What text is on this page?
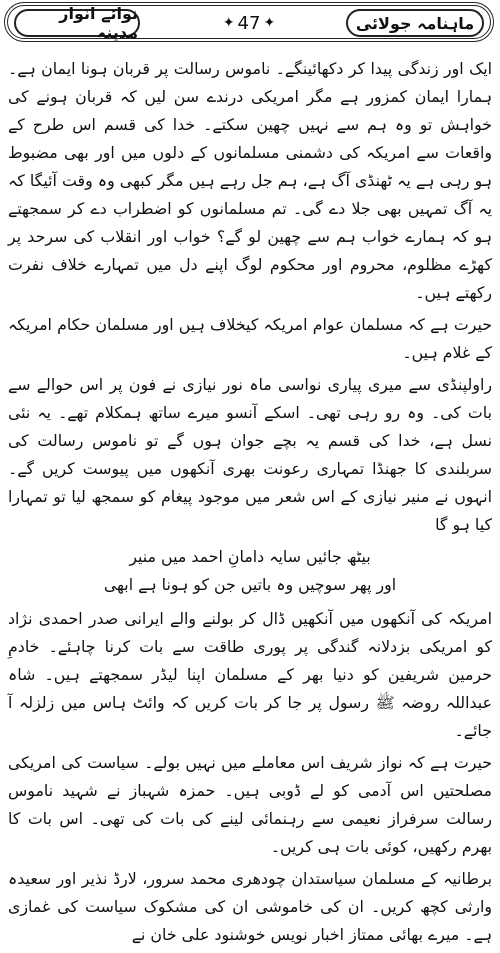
ماہنامہ جولائی
✦ 47 ✦
نوائے انوار مدینہ
ایک اور زندگی پیدا کر دکھائینگے۔ ناموس رسالت پر قربان ہونا ایمان ہے۔ ہمارا ایمان کمزور ہے مگر امریکی درندے سن لیں کہ قربان ہونے کی خواہش تو وہ ہم سے نہیں چھین سکتے۔ خدا کی قسم اس طرح کے واقعات سے امریکہ کی دشمنی مسلمانوں کے دلوں میں اور بھی مضبوط ہو رہی ہے یہ ٹھنڈی آگ ہے، ہم جل رہے ہیں مگر کبھی وہ وقت آئیگا کہ یہ آگ تمہیں بھی جلا دے گی۔ تم مسلمانوں کو اضطراب دے کر سمجھتے ہو کہ ہمارے خواب ہم سے چھین لو گے؟ خواب اور انقلاب کی سرحد پر کھڑے مظلوم، محروم اور محکوم لوگ اپنے دل میں تمہارے خلاف نفرت رکھتے ہیں۔
حیرت ہے کہ مسلمان عوام امریکہ کیخلاف ہیں اور مسلمان حکام امریکہ کے غلام ہیں۔
راولپنڈی سے میری پیاری نواسی ماہ نور نیازی نے فون پر اس حوالے سے بات کی۔ وہ رو رہی تھی۔ اسکے آنسو میرے ساتھ ہمکلام تھے۔ یہ نئی نسل ہے، خدا کی قسم یہ بچے جوان ہوں گے تو ناموس رسالت کی سربلندی کا جھنڈا تمہاری رعونت بھری آنکھوں میں پیوست کریں گے۔ انہوں نے منیر نیازی کے اس شعر میں موجود پیغام کو سمجھ لیا تو تمہارا کیا ہو گا
بیٹھ جائیں سایہ دامانِ احمد میں منیر
اور پھر سوچیں وہ باتیں جن کو ہونا ہے ابھی
امریکہ کی آنکھوں میں آنکھیں ڈال کر بولنے والے ایرانی صدر احمدی نژاد کو امریکی بزدلانہ گندگی پر پوری طاقت سے بات کرنا چاہئے۔ خادمِ حرمین شریفین کو دنیا بھر کے مسلمان اپنا لیڈر سمجھتے ہیں۔ شاہ عبداللہ روضہ ﷺ رسول پر جا کر بات کریں کہ وائٹ ہاس میں زلزلہ آ جائے۔
حیرت ہے کہ نواز شریف اس معاملے میں نہیں بولے۔ سیاست کی امریکی مصلحتیں اس آدمی کو لے ڈوبی ہیں۔ حمزہ شہباز نے شہید ناموس رسالت سرفراز نعیمی سے رہنمائی لینے کی بات کی تھی۔ اس بات کا بھرم رکھیں، کوئی بات ہی کریں۔
برطانیہ کے مسلمان سیاستدان چودھری محمد سرور، لارڈ نذیر اور سعیدہ وارثی کچھ کریں۔ ان کی خاموشی ان کی مشکوک سیاست کی غمازی ہے۔ میرے بھائی ممتاز اخبار نویس خوشنود علی خان نے
